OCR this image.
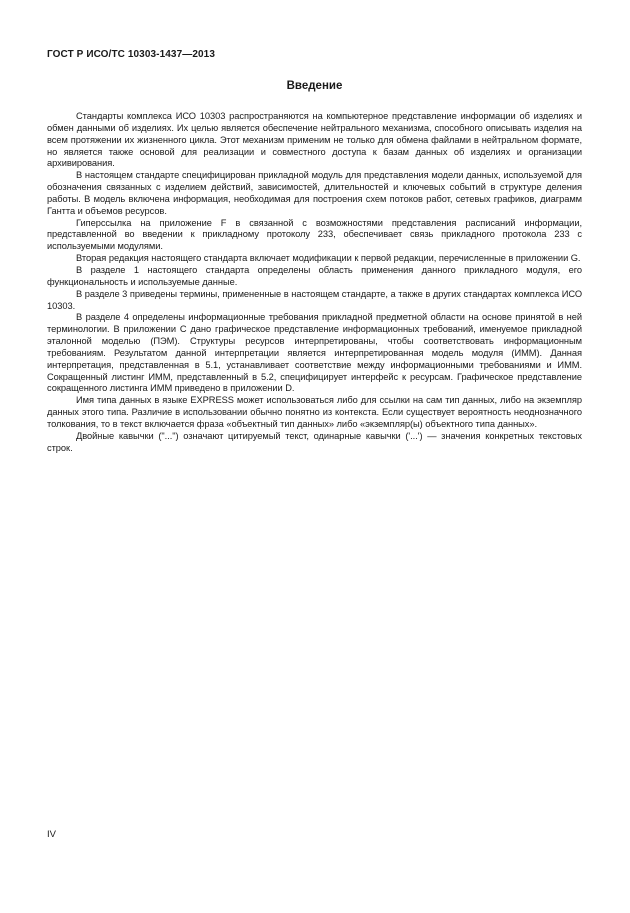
ГОСТ Р ИСО/ТС 10303-1437—2013
Введение

Стандарты комплекса ИСО 10303 распространяются на компьютерное представление информации об изделиях и обмен данными об изделиях. Их целью является обеспечение нейтрального механизма, способного описывать изделия на всем протяжении их жизненного цикла. Этот механизм применим не только для обмена файлами в нейтральном формате, но является также основой для реализации и совместного доступа к базам данных об изделиях и организации архивирования.

В настоящем стандарте специфицирован прикладной модуль для представления модели данных, используемой для обозначения связанных с изделием действий, зависимостей, длительностей и ключевых событий в структуре деления работы. В модель включена информация, необходимая для построения схем потоков работ, сетевых графиков, диаграмм Гантта и объемов ресурсов.

Гиперссылка на приложение F в связанной с возможностями представления расписаний информации, представленной во введении к прикладному протоколу 233, обеспечивает связь прикладного протокола 233 с используемыми модулями.

Вторая редакция настоящего стандарта включает модификации к первой редакции, перечисленные в приложении G.

В разделе 1 настоящего стандарта определены область применения данного прикладного модуля, его функциональность и используемые данные.

В разделе 3 приведены термины, примененные в настоящем стандарте, а также в других стандартах комплекса ИСО 10303.

В разделе 4 определены информационные требования прикладной предметной области на основе принятой в ней терминологии. В приложении С дано графическое представление информационных требований, именуемое прикладной эталонной моделью (ПЭМ). Структуры ресурсов интерпретированы, чтобы соответствовать информационным требованиям. Результатом данной интерпретации является интерпретированная модель модуля (ИММ). Данная интерпретация, представленная в 5.1, устанавливает соответствие между информационными требованиями и ИММ. Сокращенный листинг ИММ, представленный в 5.2, специфицирует интерфейс к ресурсам. Графическое представление сокращенного листинга ИММ приведено в приложении D.

Имя типа данных в языке EXPRESS может использоваться либо для ссылки на сам тип данных, либо на экземпляр данных этого типа. Различие в использовании обычно понятно из контекста. Если существует вероятность неоднозначного толкования, то в текст включается фраза «объектный тип данных» либо «экземпляр(ы) объектного типа данных».

Двойные кавычки ("...") означают цитируемый текст, одинарные кавычки ('...') — значения конкретных текстовых строк.

IV
